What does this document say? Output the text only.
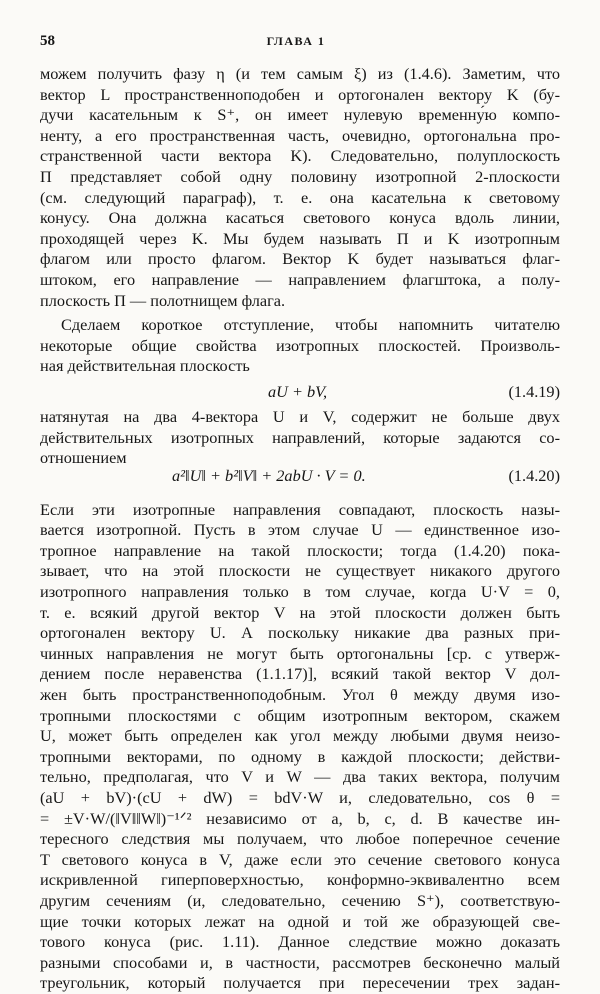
58	ГЛАВА 1
можем получить фазу η (и тем самым ξ) из (1.4.6). Заметим, что
вектор L пространственноподобен и ортогонален вектору K (бу-
дучи касательным к S⁺, он имеет нулевую временну́ю компо-
ненту, а его пространственная часть, очевидно, ортогональна про-
странственной части вектора K). Следовательно, полуплоскость
Π представляет собой одну половину изотропной 2-плоскости
(см. следующий параграф), т. е. она касательна к световому
конусу. Она должна касаться светового конуса вдоль линии,
проходящей через K. Мы будем называть Π и K изотропным
флагом или просто флагом. Вектор K будет называться флаг-
штоком, его направление — направлением флагштока, а полу-
плоскость Π — полотнищем флага.
Сделаем короткое отступление, чтобы напомнить читателю
некоторые общие свойства изотропных плоскостей. Произволь-
ная действительная плоскость
aU + bV,	(1.4.19)
натянутая на два 4-вектора U и V, содержит не больше двух
действительных изотропных направлений, которые задаются со-
отношением
a²‖U‖ + b²‖V‖ + 2abU · V = 0.	(1.4.20)
Если эти изотропные направления совпадают, плоскость назы-
вается изотропной. Пусть в этом случае U — единственное изо-
тропное направление на такой плоскости; тогда (1.4.20) пока-
зывает, что на этой плоскости не существует никакого другого
изотропного направления только в том случае, когда U·V = 0,
т. е. всякий другой вектор V на этой плоскости должен быть
ортогонален вектору U. А поскольку никакие два разных при-
чинных направления не могут быть ортогональны [ср. с утверж-
дением после неравенства (1.1.17)], всякий такой вектор V дол-
жен быть пространственноподобным. Угол θ между двумя изо-
тропными плоскостями с общим изотропным вектором, скажем
U, может быть определен как угол между любыми двумя неизо-
тропными векторами, по одному в каждой плоскости; действи-
тельно, предполагая, что V и W — два таких вектора, получим
(aU + bV)·(cU + dW) = bdV·W и, следовательно, cos θ =
= ±V·W/(‖V‖‖W‖)⁻¹ᐟ² независимо от a, b, c, d. В качестве ин-
тересного следствия мы получаем, что любое поперечное сечение
T светового конуса в V, даже если это сечение светового конуса
искривленной гиперповерхностью, конформно-эквивалентно всем
другим сечениям (и, следовательно, сечению S⁺), соответствую-
щие точки которых лежат на одной и той же образующей све-
тового конуса (рис. 1.11). Данное следствие можно доказать
разными способами и, в частности, рассмотрев бесконечно малый
треугольник, который получается при пересечении трех задан-
